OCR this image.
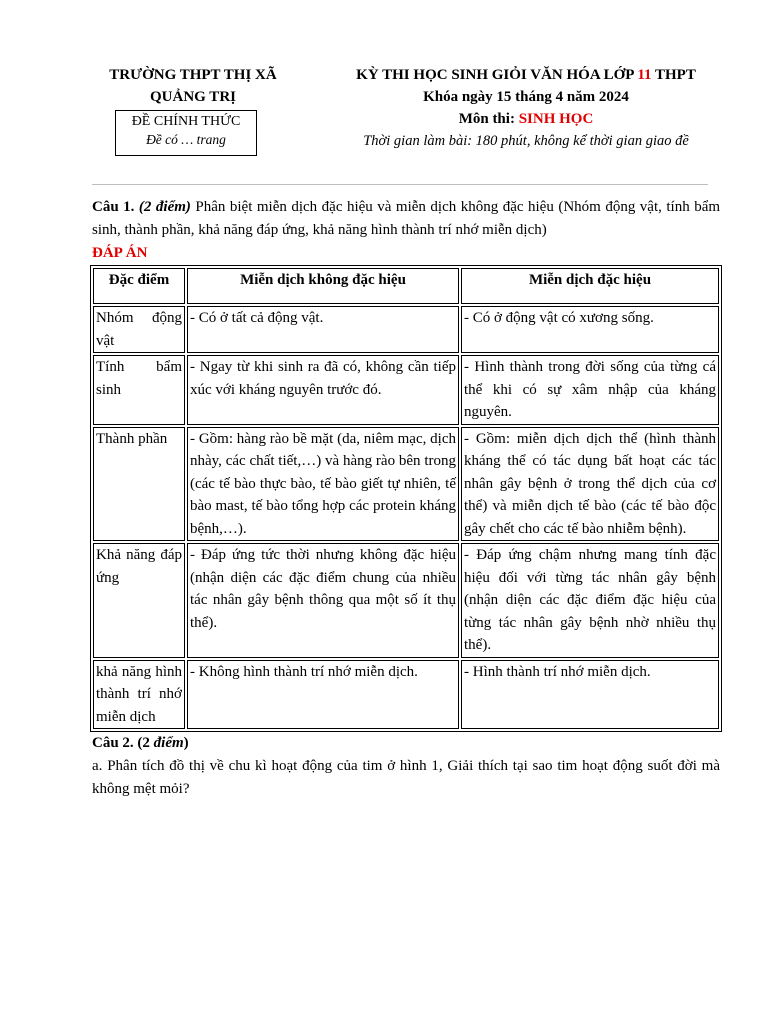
TRƯỜNG THPT THỊ XÃ
QUẢNG TRỊ
ĐỀ CHÍNH THỨC
Đề có … trang
KỲ THI HỌC SINH GIỎI VĂN HÓA LỚP 11 THPT
Khóa ngày 15 tháng 4 năm 2024
Môn thi: SINH HỌC
Thời gian làm bài: 180 phút, không kể thời gian giao đề
Câu 1. (2 điểm) Phân biệt miễn dịch đặc hiệu và miễn dịch không đặc hiệu (Nhóm động vật, tính bẩm sinh, thành phần, khả năng đáp ứng, khả năng hình thành trí nhớ miễn dịch)
ĐÁP ÁN
Đặc điểm	Miễn dịch không đặc hiệu	Miễn dịch đặc hiệu
Nhóm động vật	- Có ở tất cả động vật.	- Có ở động vật có xương sống.
Tính bẩm sinh	- Ngay từ khi sinh ra đã có, không cần tiếp xúc với kháng nguyên trước đó.	- Hình thành trong đời sống của từng cá thể khi có sự xâm nhập của kháng nguyên.
Thành phần	- Gồm: hàng rào bề mặt (da, niêm mạc, dịch nhày, các chất tiết,…) và hàng rào bên trong (các tế bào thực bào, tế bào giết tự nhiên, tế bào mast, tế bào tổng hợp các protein kháng bệnh,…).	- Gồm: miễn dịch dịch thể (hình thành kháng thể có tác dụng bất hoạt các tác nhân gây bệnh ở trong thể dịch của cơ thể) và miễn dịch tế bào (các tế bào độc gây chết cho các tế bào nhiễm bệnh).
Khả năng đáp ứng	- Đáp ứng tức thời nhưng không đặc hiệu (nhận diện các đặc điểm chung của nhiều tác nhân gây bệnh thông qua một số ít thụ thể).	- Đáp ứng chậm nhưng mang tính đặc hiệu đối với từng tác nhân gây bệnh (nhận diện các đặc điểm đặc hiệu của từng tác nhân gây bệnh nhờ nhiều thụ thể).
khả năng hình thành trí nhớ miễn dịch	- Không hình thành trí nhớ miễn dịch.	- Hình thành trí nhớ miễn dịch.
Câu 2. (2 điểm)
a. Phân tích đồ thị về chu kì hoạt động của tim ở hình 1, Giải thích tại sao tim hoạt động suốt đời mà không mệt mỏi?
